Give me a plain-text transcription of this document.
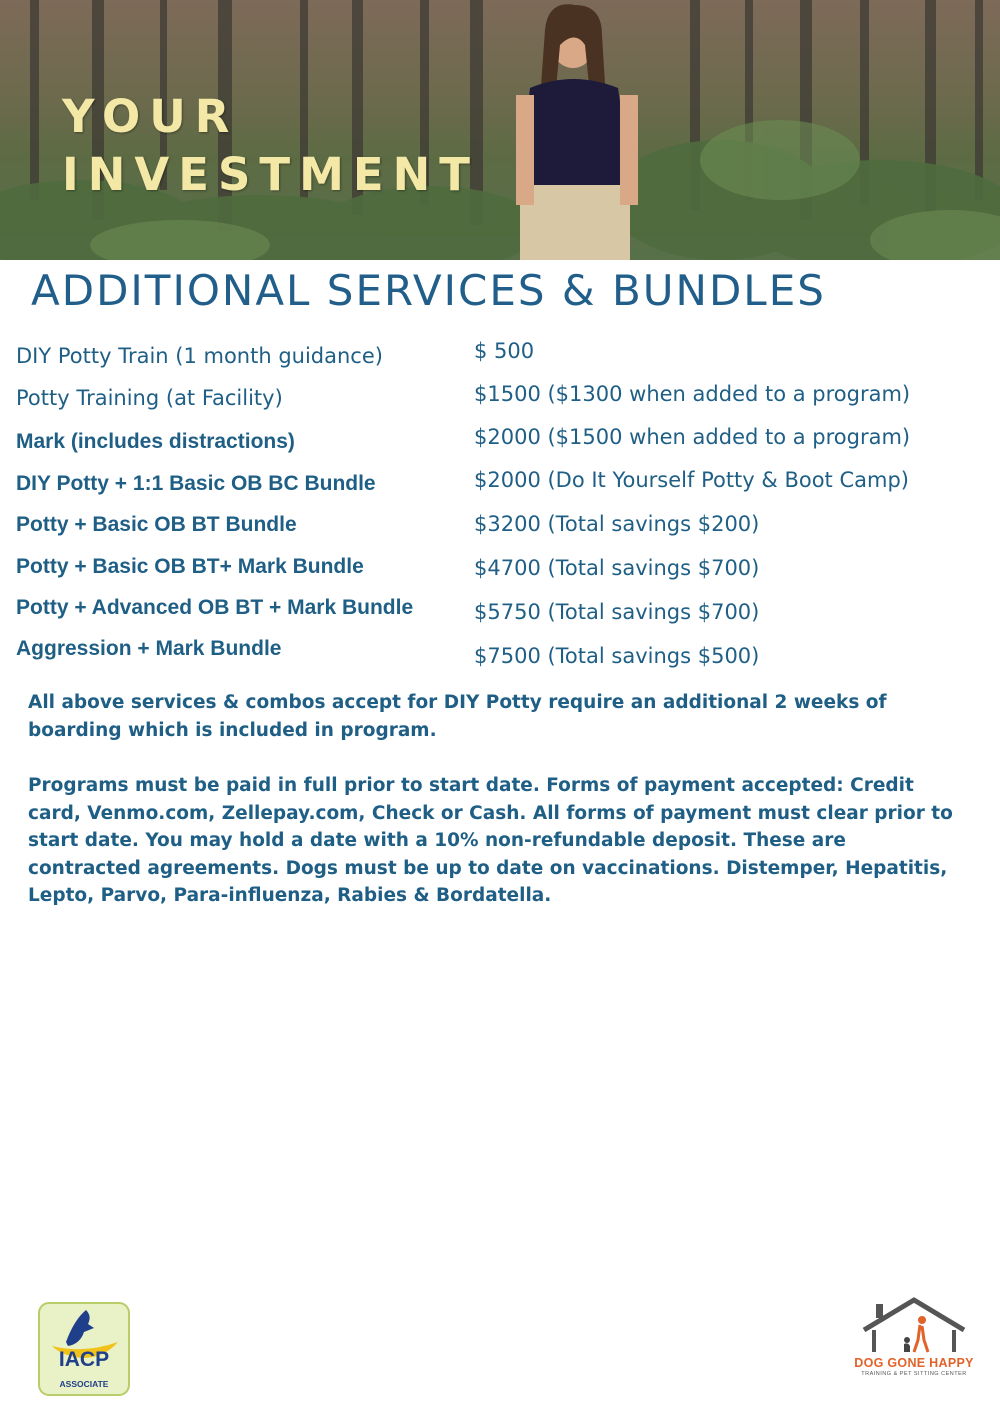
YOUR
INVESTMENT
ADDITIONAL SERVICES & BUNDLES
DIY Potty Train (1 month guidance)	$ 500
Potty Training (at Facility)	$1500 ($1300 when added to a program)
Mark (includes distractions)	$2000 ($1500 when added to a program)
DIY Potty + 1:1 Basic OB BC Bundle	$2000 (Do It Yourself Potty & Boot Camp)
Potty + Basic OB BT Bundle	$3200 (Total savings $200)
Potty + Basic OB BT+ Mark Bundle	$4700 (Total savings $700)
Potty + Advanced OB BT + Mark Bundle	$5750 (Total savings $700)
Aggression + Mark Bundle	$7500 (Total savings $500)
All above services & combos accept for DIY Potty require an additional 2 weeks of boarding which is included in program.
Programs must be paid in full prior to start date. Forms of payment accepted: Credit card, Venmo.com, Zellepay.com, Check or Cash. All forms of payment must clear prior to start date. You may hold a date with a 10% non-refundable deposit. These are contracted agreements. Dogs must be up to date on vaccinations. Distemper, Hepatitis, Lepto, Parvo, Para-influenza, Rabies & Bordatella.
IACP
ASSOCIATE
DOG GONE HAPPY
TRAINING & PET SITTING CENTER
